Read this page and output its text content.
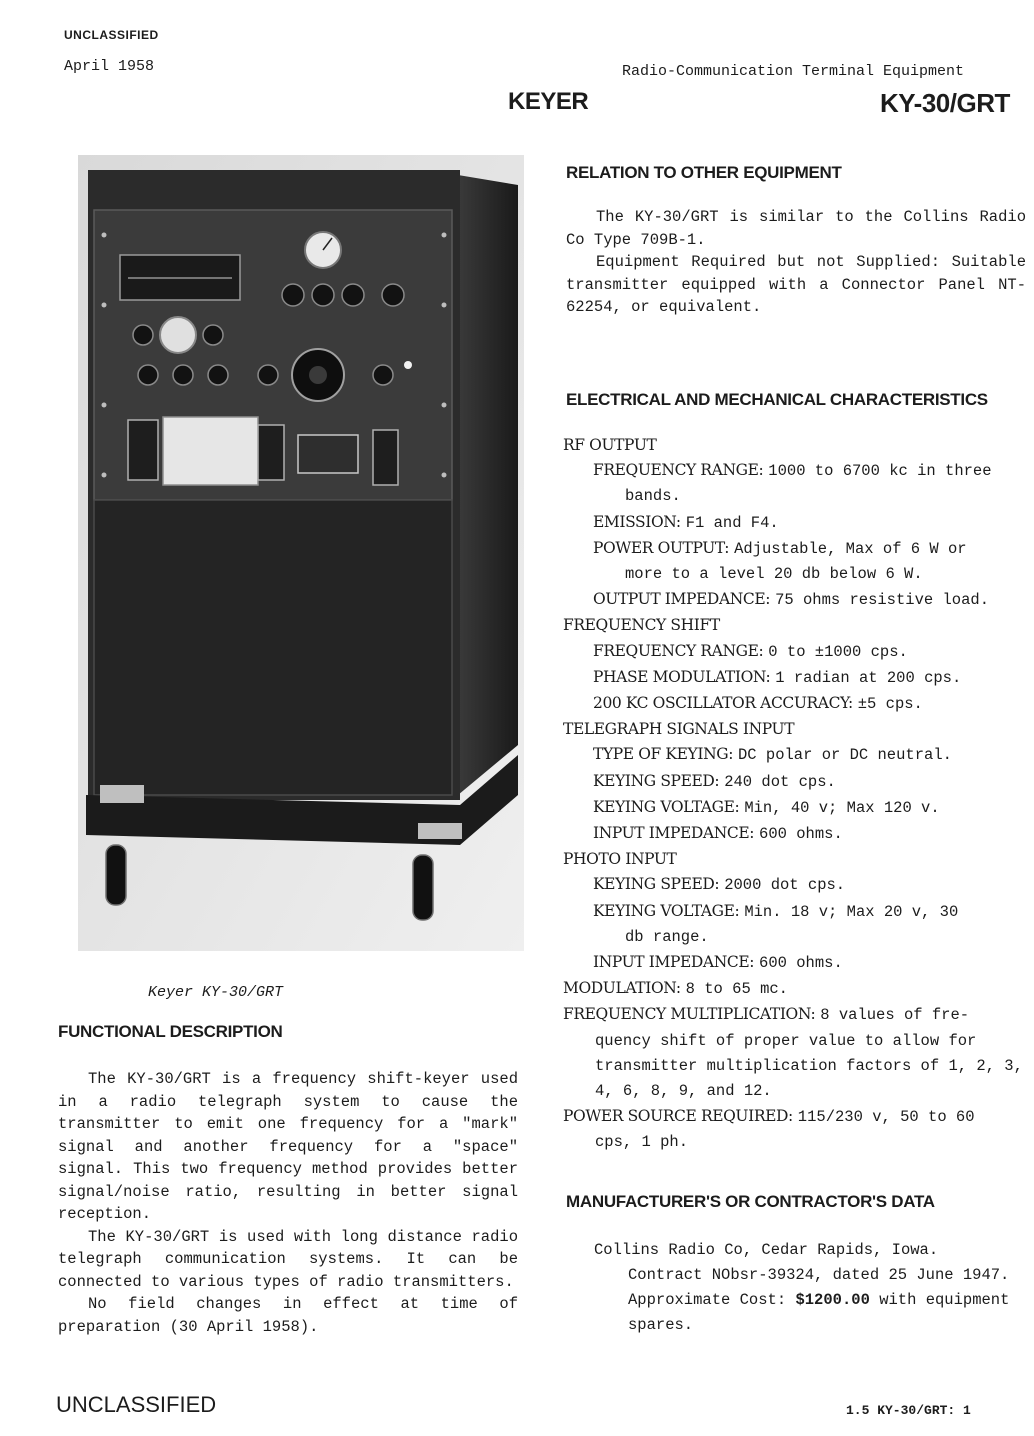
UNCLASSIFIED
April 1958	Radio-Communication Terminal Equipment
KEYER	KY-30/GRT
Keyer KY-30/GRT
FUNCTIONAL DESCRIPTION

The KY-30/GRT is a frequency shift-keyer used in a radio telegraph system to cause the transmitter to emit one frequency for a "mark" signal and another frequency for a "space" signal. This two frequency method provides better signal/noise ratio, resulting in better signal reception.

The KY-30/GRT is used with long distance radio telegraph communication systems. It can be connected to various types of radio transmitters.

No field changes in effect at time of preparation (30 April 1958).

RELATION TO OTHER EQUIPMENT

The KY-30/GRT is similar to the Collins Radio Co Type 709B-1.

Equipment Required but not Supplied: Suitable transmitter equipped with a Connector Panel NT-62254, or equivalent.

ELECTRICAL AND MECHANICAL CHARACTERISTICS
RF OUTPUT
FREQUENCY RANGE: 1000 to 6700 kc in three
bands.
EMISSION: F1 and F4.
POWER OUTPUT: Adjustable, Max of 6 W or
more to a level 20 db below 6 W.
OUTPUT IMPEDANCE: 75 ohms resistive load.
FREQUENCY SHIFT
FREQUENCY RANGE: 0 to ±1000 cps.
PHASE MODULATION: 1 radian at 200 cps.
200 KC OSCILLATOR ACCURACY: ±5 cps.
TELEGRAPH SIGNALS INPUT
TYPE OF KEYING: DC polar or DC neutral.
KEYING SPEED: 240 dot cps.
KEYING VOLTAGE: Min, 40 v; Max 120 v.
INPUT IMPEDANCE: 600 ohms.
PHOTO INPUT
KEYING SPEED: 2000 dot cps.
KEYING VOLTAGE: Min. 18 v; Max 20 v, 30
db range.
INPUT IMPEDANCE: 600 ohms.
MODULATION: 8 to 65 mc.
FREQUENCY MULTIPLICATION: 8 values of fre-
quency shift of proper value to allow for transmitter multiplication factors of 1, 2, 3, 4, 6, 8, 9, and 12.
POWER SOURCE REQUIRED: 115/230 v, 50 to 60
cps, 1 ph.
MANUFACTURER'S OR CONTRACTOR'S DATA
Collins Radio Co, Cedar Rapids, Iowa.
Contract NObsr-39324, dated 25 June 1947.
Approximate Cost: $1200.00 with equipment spares.
UNCLASSIFIED	1.5 KY-30/GRT: 1
